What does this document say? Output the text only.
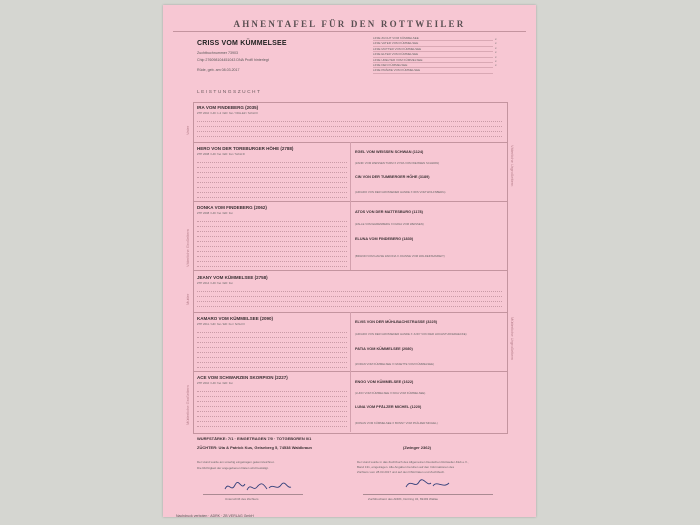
AHNENTAFEL FÜR DEN ROTTWEILER
CRISS VOM KÜMMELSEE
Zuchtbuchnummer 73903
Chip 276098104451043 DNA Profil hinterlegt
Rüde, geb. am 08.03.2017
LINIE ZUCHT VOM KÜMMELSEE
LINIE VATER VOM KÜMMELSEE
LINIE MUTTER VOM KÜMMELSEE
LINIE ELTER VOM KÜMMELSEE
LINIE URELTER VOM KÜMMELSEE
LINIE DEN KÜMMELSEE
LINIE PRÄMIE VOM KÜMMELSEE
x
x
x
x
x
x
x
LEISTUNGSZUCHT
Vater
Väterliche Großeltern
Väterliche Urgroßeltern
Mutter
Mütterliche Großeltern
Mütterliche Urgroßeltern
IRA VOM FINDEBERG (2035)
ZTP 2010 / HD: 1-2 / ED: frei / VDH-EZ / SchH III
HERO VON DER TOREBURGER HÖHE (2788)
ZTP 2008 / HD: frei / ED: frei / SchH III
DONKA VOM FINDEBERG (2062)
ZTP 2008 / HD: frei / ED: frei
EGEL VOM WEISSEN SCHWAN (1124)
(ZANIF VOM WEISSEN TURM X ZYRA VOM WEISSEN SCHWAN)
CIN VON DER TUMBERGER HÖHE (3189)
(AFFARO VON DER GROSSENER HANDE X IRIS VOM WOLFSBERG)
ATOS VON DER MATTESBURG (1178)
(ZALLE VOM EHRENBERG X DIANA VOM WEISSEN)
ELUNA VOM FINDEBERG (1830)
(BRANDI VOM HAUSE ZAKONA X JOANNE VOM WALDEINSAMKEIT)
JEANY VOM KÜMMELSEE (2758)
ZTP 2014 / HD: frei / ED: frei
KAMARO VOM KÜMMELSEE (2090)
ZTP 2011 / HD: frei / ED: frei / SchH III
ACE VOM SCHWARZEN SKORPION (2227)
ZTP 2010 / HD: frei / ED: frei
ELVIS VON DER MÜHLBACHSTRASSE (3225)
(AFFARO VON DER GROSSENER HANDE X JUDY VON DER HOCHSTUFFERHECKE)
PATIA VOM KÜMMELSEE (2080)
(ZORAN VOM KÜMMELSEE X NASETTE VOM KÜMMELSEE)
ENGO VOM KÜMMELSEE (1622)
(LUDO VOM KÜMMELSEE X KIKA VOM KÜMMELSEE)
LUNA VOM PFÄLZER MICHEL (1220)
(DONAN VOM KÜMMELSEE X BONNY VOM PFÄLZER MICHEL)
WURFSTÄRKE: 7/1 · EINGETRAGEN 7/0 · TOTGEBOREN 0/1
ZÜCHTER: Uta & Patrick Kus, Geiseberg 5, 74538 Waldkraun	(Zwinger 2362)
Der Hund wurde am unsehig eingetragen gekennzeichnet.
Die Richtigkeit der angegebenen Daten wird bestätigt.
Der Hund wurde in das Zuchtbuch des Allgemeinen Deutschen Rottweiler-Klub e.V.,
Band 131, eingetragen. Alle Angaben beruhen auf den Informationen des
Züchters vom 28.03.2017 und auf den DNA Daten und Zuchtbuch.
Unterschrift des Züchters	Zuchtbuchamt des ADRK, Dortring 34, 69493 Wallau
Nachdruck verboten · ADRK · ZB VERLAG GmbH
